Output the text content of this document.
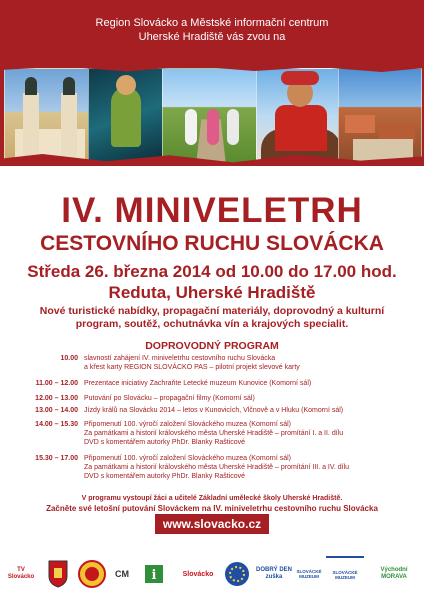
Region Slovácko a Městské informační centrum
Uherské Hradiště vás zvou na
IV. MINIVELETRH
CESTOVNÍHO RUCHU SLOVÁCKA
Středa 26. března 2014 od 10.00 do 17.00 hod.
Reduta, Uherské Hradiště
Nové turistické nabídky, propagační materiály, doprovodný a kulturní
program, soutěž, ochutnávka vín a krajových specialit.
DOPROVODNÝ PROGRAM
10.00 slavností zahájení IV. miniveletrhu cestovního ruchu Slovácka
a křest karty REGION SLOVÁCKO PAS – pilotní projekt slevové karty
11.00 – 12.00 Prezentace iniciativy Zachraňte Letecké muzeum Kunovice (Komorní sál)
12.00 – 13.00 Putování po Slovácku – propagační filmy (Komorní sál)
13.00 – 14.00 Jízdy králů na Slovácku 2014 – letos v Kunovicích, Vlčnově a v Hluku (Komorní sál)
14.00 – 15.30 Připomenutí 100. výročí založení Slováckého muzea (Komorní sál)
Za památkami a historií královského města Uherské Hradiště – promítání I. a II. dílu
DVD s komentářem autorky PhDr. Blanky Rašticové
15.30 – 17.00 Připomenutí 100. výročí založení Slováckého muzea (Komorní sál)
Za památkami a historií královského města Uherské Hradiště – promítání III. a IV. dílu
DVD s komentářem autorky PhDr. Blanky Rašticové
V programu vystoupí žáci a učitelé Základní umělecké školy Uherské Hradiště.
Začněte své letošní putování Slováckem na IV. miniveletrhu cestovního ruchu Slovácka
www.slovacko.cz
TV Slovácko	CM i	Slovácko
DOBRÝ DEN zuška
SLOVÁCKÉ MUZEUM
SLOVÁCKÉ MUZEUM
Východní MORAVA
